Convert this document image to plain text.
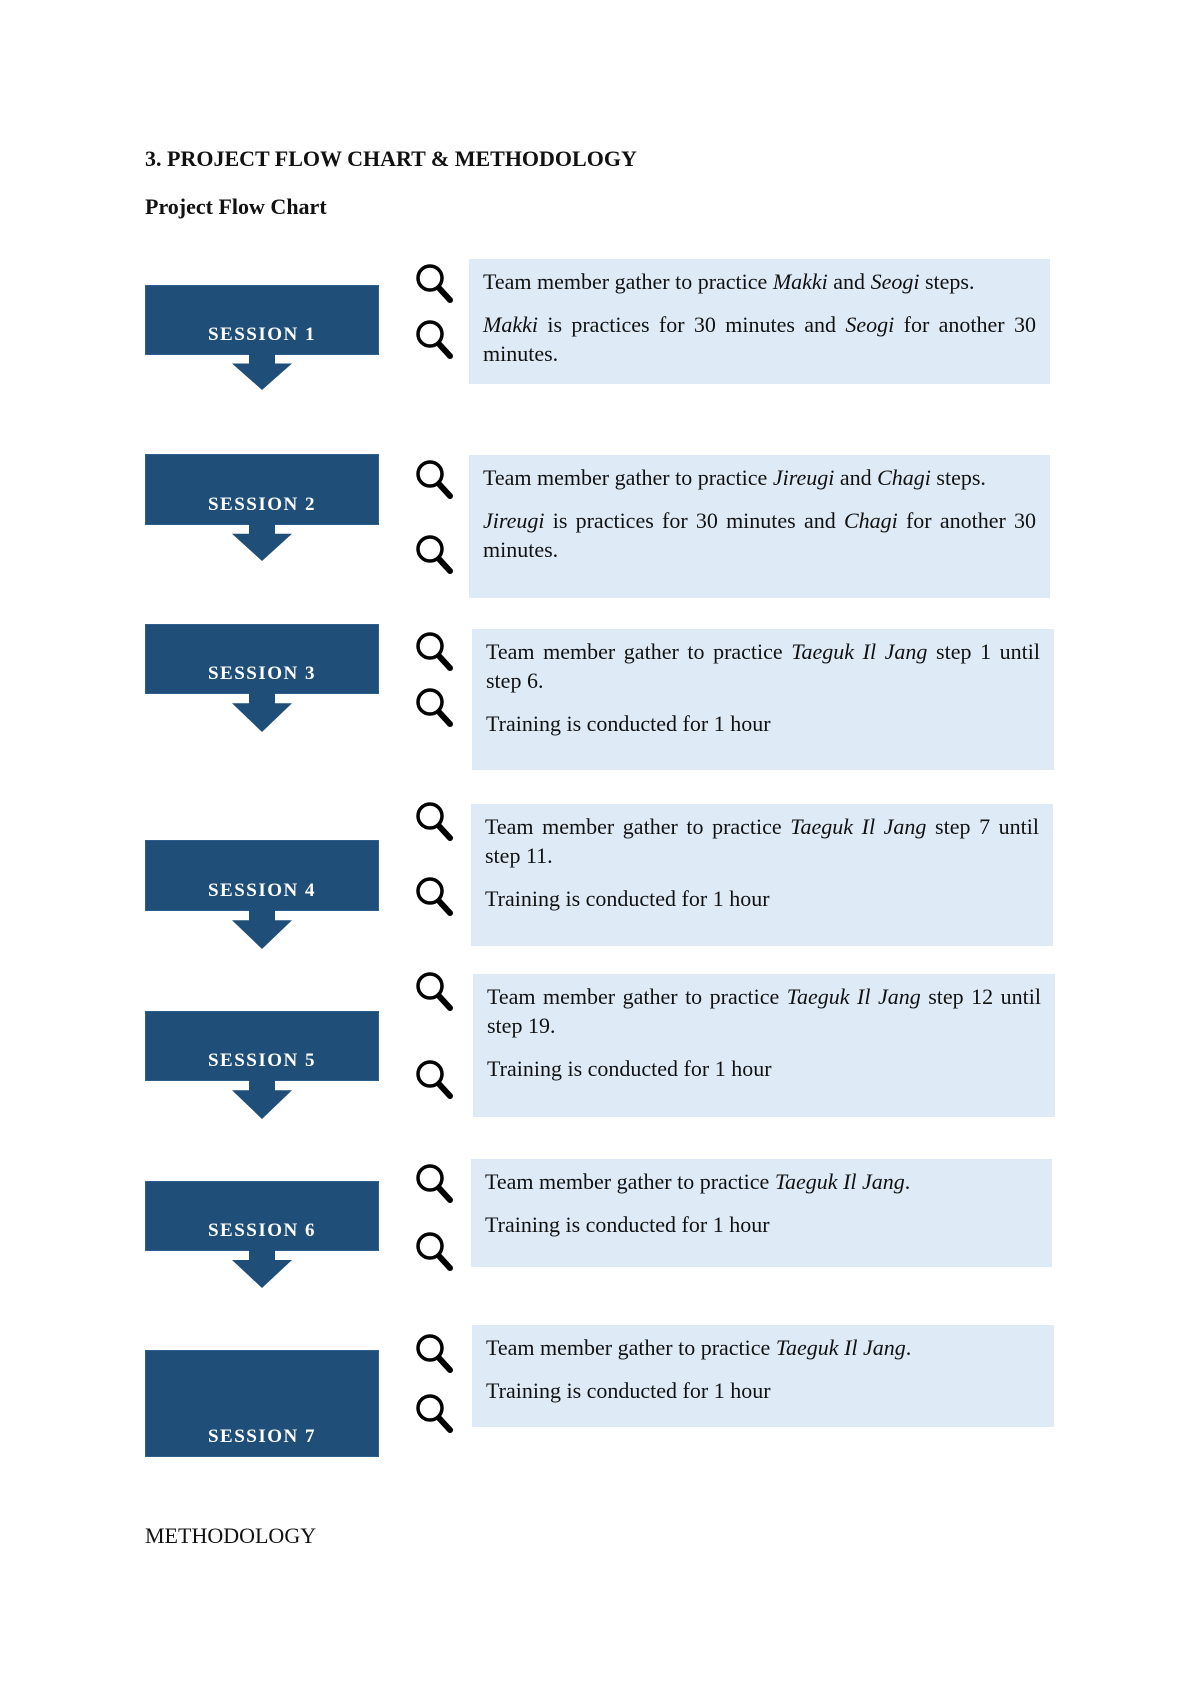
3. PROJECT FLOW CHART & METHODOLOGY
Project Flow Chart
SESSION 1

Team member gather to practice Makki and Seogi steps.

Makki is practices for 30 minutes and Seogi for another 30 minutes.

SESSION 2

Team member gather to practice Jireugi and Chagi steps.

Jireugi is practices for 30 minutes and Chagi for another 30 minutes.

SESSION 3

Team member gather to practice Taeguk Il Jang step 1 until step 6.

Training is conducted for 1 hour

SESSION 4

Team member gather to practice Taeguk Il Jang step 7 until step 11.

Training is conducted for 1 hour

SESSION 5

Team member gather to practice Taeguk Il Jang step 12 until step 19.

Training is conducted for 1 hour

SESSION 6

Team member gather to practice Taeguk Il Jang.

Training is conducted for 1 hour

SESSION 7

Team member gather to practice Taeguk Il Jang.

Training is conducted for 1 hour

METHODOLOGY
